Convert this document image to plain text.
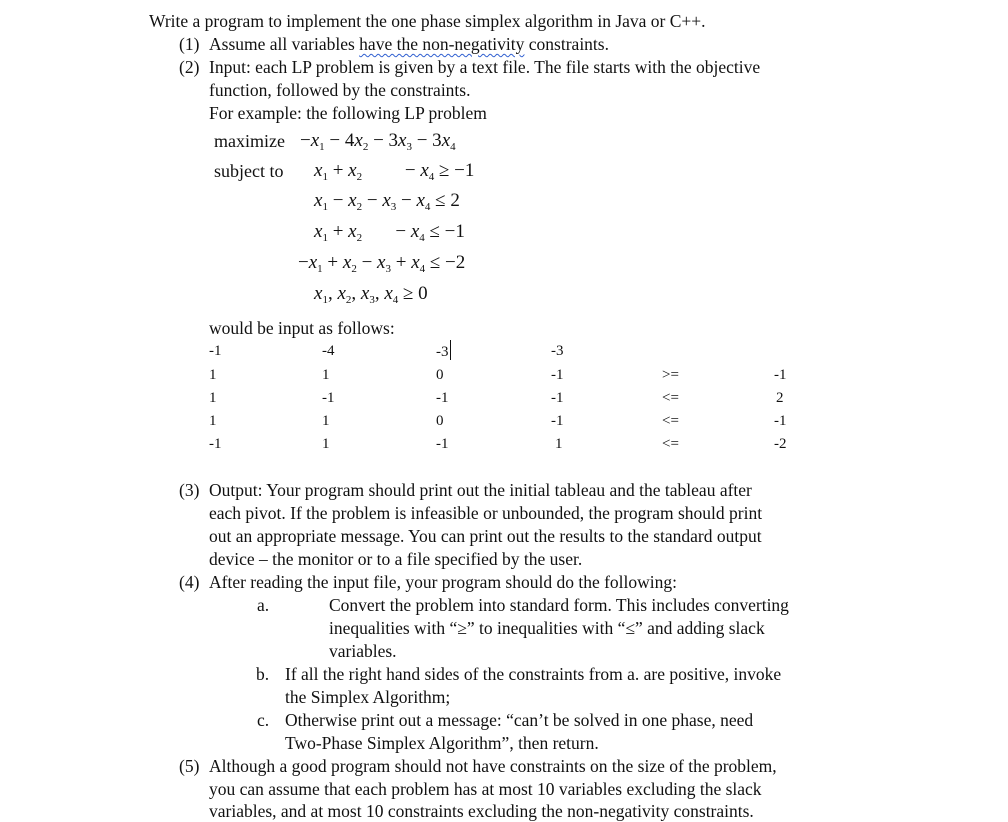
Write a program to implement the one phase simplex algorithm in Java or C++.
(1) Assume all variables have the non-negativity constraints.
(2) Input: each LP problem is given by a text file. The file starts with the objective
function, followed by the constraints.
For example: the following LP problem
maximize $-x_1 - 4x_2 - 3x_3 - 3x_4$
subject to $x_1 + x_2$         − $x_4 \ge -1$
$x_1 - x_2 - x_3 - x_4 \le 2$
$x_1 + x_2$       − $x_4 \le -1$
$-x_1 + x_2 - x_3 + x_4 \le -2$
$x_1$, $x_2$, $x_3$, $x_4 \ge 0$
would be input as follows:
-1	-4	-3	-3
1	1	0	-1	>=	-1
1	-1	-1	-1	<=	2
1	1	0	-1	<=	-1
-1	1	-1	1	<=	-2
(3) Output: Your program should print out the initial tableau and the tableau after
each pivot. If the problem is infeasible or unbounded, the program should print
out an appropriate message. You can print out the results to the standard output
device – the monitor or to a file specified by the user.
(4) After reading the input file, your program should do the following:
a.	Convert the problem into standard form. This includes converting
inequalities with “≥” to inequalities with “≤” and adding slack
variables.
b. If all the right hand sides of the constraints from a. are positive, invoke
the Simplex Algorithm;
c. Otherwise print out a message: “can’t be solved in one phase, need
Two-Phase Simplex Algorithm”, then return.
(5) Although a good program should not have constraints on the size of the problem,
you can assume that each problem has at most 10 variables excluding the slack
variables, and at most 10 constraints excluding the non-negativity constraints.
